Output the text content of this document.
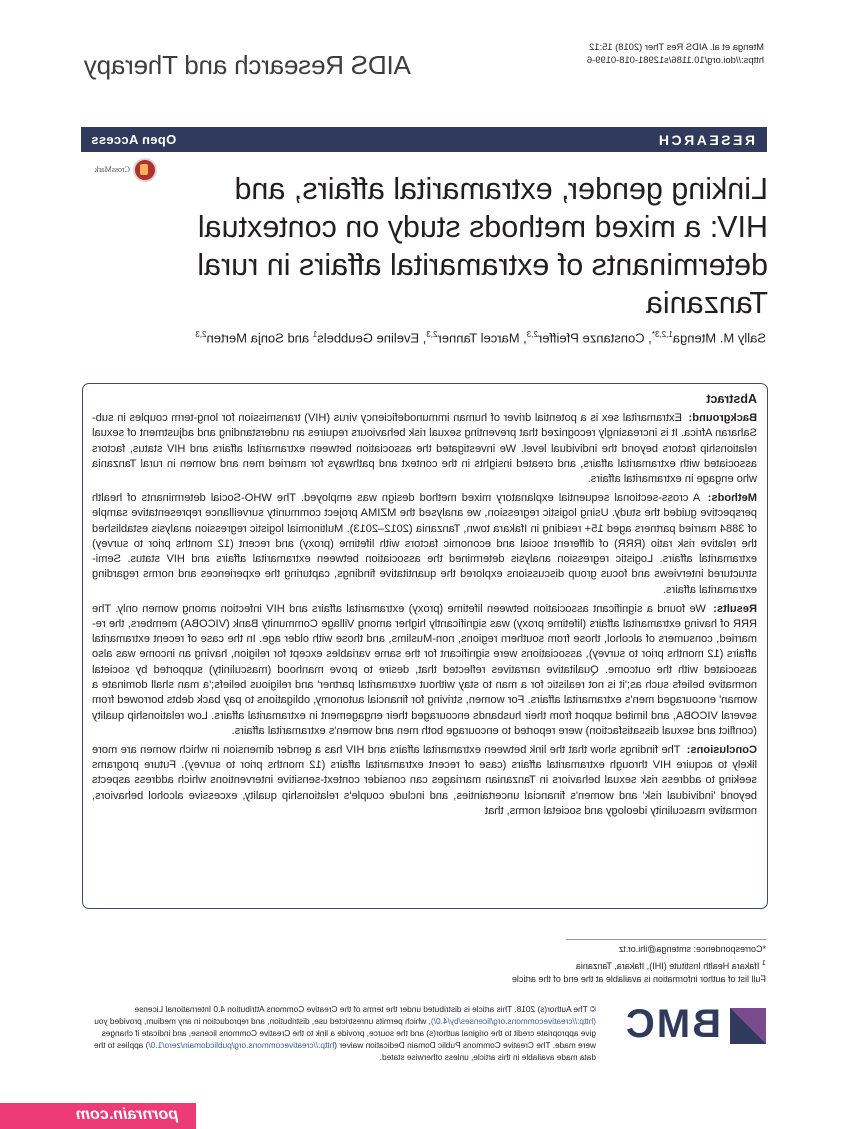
Mtenga et al. AIDS Res Ther (2018) 15:12
https://doi.org/10.1186/s12981-018-0199-6
AIDS Research and Therapy
RESEARCH
Open Access
CrossMark
Linking gender, extramarital affairs, and HIV: a mixed methods study on contextual determinants of extramarital affairs in rural Tanzania
Sally M. Mtenga$^{1,2,3*}$, Constanze Pfeiffer$^{2,3}$, Marcel Tanner$^{2,3}$, Eveline Geubbels$^1$ and Sonja Merten$^{2,3}$
Abstract

Background: Extramarital sex is a potential driver of human immunodeficiency virus (HIV) transmission for long-term couples in sub-Saharan Africa. It is increasingly recognized that preventing sexual risk behaviours requires an understanding and adjustment of sexual relationship factors beyond the individual level. We investigated the association between extramarital affairs and HIV status, factors associated with extramarital affairs, and created insights in the context and pathways for married men and women in rural Tanzania who engage in extramarital affairs.

Methods: A cross-sectional sequential explanatory mixed method design was employed. The WHO-Social determinants of health perspective guided the study. Using logistic regression, we analysed the MZIMA project community surveillance representative sample of 3884 married partners aged 15+ residing in Ifakara town, Tanzania (2012–2013). Multinomial logistic regression analysis established the relative risk ratio (RRR) of different social and economic factors with lifetime (proxy) and recent (12 months prior to survey) extramarital affairs. Logistic regression analysis determined the association between extramarital affairs and HIV status. Semi-structured interviews and focus group discussions explored the quantitative findings, capturing the experiences and norms regarding extramarital affairs.

Results: We found a significant association between lifetime (proxy) extramarital affairs and HIV infection among women only. The RRR of having extramarital affairs (lifetime proxy) was significantly higher among Village Community Bank (VICOBA) members, the re-married, consumers of alcohol, those from southern regions, non-Muslims, and those with older age. In the case of recent extramarital affairs (12 months prior to survey), associations were significant for the same variables except for religion, having an income was also associated with the outcome. Qualitative narratives reflected that, desire to prove manhood (masculinity) supported by societal normative beliefs such as;'it is not realistic for a man to stay without extramarital partner' and religious beliefs;'a man shall dominate a woman' encouraged men's extramarital affairs. For women, striving for financial autonomy, obligations to pay back debts borrowed from several VICOBA, and limited support from their husbands encouraged their engagement in extramarital affairs. Low relationship quality (conflict and sexual dissatisfaction) were reported to encourage both men and women's extramarital affairs.

Conclusions: The findings show that the link between extramarital affairs and HIV has a gender dimension in which women are more likely to acquire HIV through extramarital affairs (case of recent extramarital affairs (12 months prior to survey). Future programs seeking to address risk sexual behaviors in Tanzanian marriages can consider context-sensitive interventions which address aspects beyond 'individual risk' and women's financial uncertainties, and include couple's relationship quality, excessive alcohol behaviors, normative masculinity ideology and societal norms, that

*Correspondence: smtenga@ihi.or.tz
$^1$ Ifakara Health Institute (IHI), Ifakara, Tanzania
Full list of author information is available at the end of the article
BMC
© The Author(s) 2018. This article is distributed under the terms of the Creative Commons Attribution 4.0 International License (http://creativecommons.org/licenses/by/4.0/), which permits unrestricted use, distribution, and reproduction in any medium, provided you give appropriate credit to the original author(s) and the source, provide a link to the Creative Commons license, and indicate if changes were made. The Creative Commons Public Domain Dedication waiver (http://creativecommons.org/publicdomain/zero/1.0/) applies to the data made available in this article, unless otherwise stated.
pornrain.com
